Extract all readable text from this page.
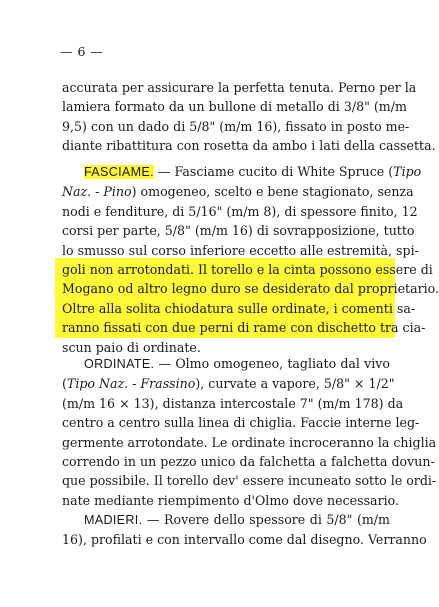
— 6 —
accurata per assicurare la perfetta tenuta. Perno per la
lamiera formato da un bullone di metallo di 3/8" (m/m
9,5) con un dado di 5/8" (m/m 16), fissato in posto me-
diante ribattitura con rosetta da ambo i lati della cassetta.
FASCIAME. — Fasciame cucito di White Spruce (Tipo
Naz. - Pino) omogeneo, scelto e bene stagionato, senza
nodi e fenditure, di 5/16" (m/m 8), di spessore finito, 12
corsi per parte, 5/8" (m/m 16) di sovrapposizione, tutto
lo smusso sul corso inferiore eccetto alle estremità, spi-
goli non arrotondati. Il torello e la cinta possono essere di
Mogano od altro legno duro se desiderato dal proprietario.
Oltre alla solita chiodatura sulle ordinate, i comenti sa-
ranno fissati con due perni di rame con dischetto tra cia-
scun paio di ordinate.
ORDINATE. — Olmo omogeneo, tagliato dal vivo
(Tipo Naz. - Frassino), curvate a vapore, 5/8" × 1/2"
(m/m 16 × 13), distanza intercostale 7" (m/m 178) da
centro a centro sulla linea di chiglia. Faccie interne leg-
germente arrotondate. Le ordinate incroceranno la chiglia
correndo in un pezzo unico da falchetta a falchetta dovun-
que possibile. Il torello dev' essere incuneato sotto le ordi-
nate mediante riempimento d'Olmo dove necessario.
MADIERI. — Rovere dello spessore di 5/8" (m/m
16), profilati e con intervallo come dal disegno. Verranno
